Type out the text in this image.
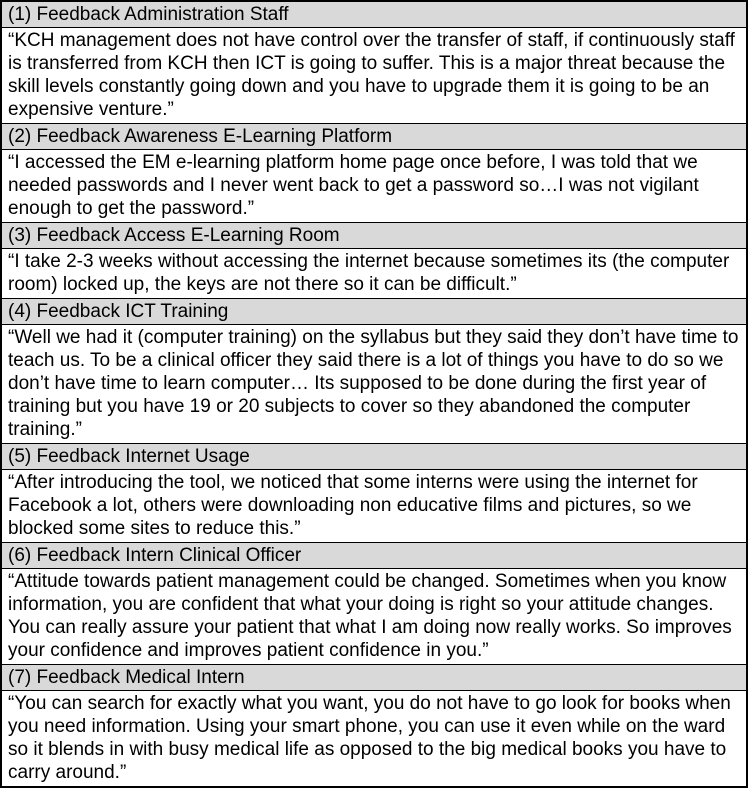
(1) Feedback Administration Staff
“KCH management does not have control over the transfer of staff, if continuously staff is transferred from KCH then ICT is going to suffer. This is a major threat because the skill levels constantly going down and you have to upgrade them it is going to be an expensive venture.”
(2) Feedback Awareness E-Learning Platform
“I accessed the EM e-learning platform home page once before, I was told that we needed passwords and I never went back to get a password so…I was not vigilant enough to get the password.”
(3) Feedback Access E-Learning Room
“I take 2-3 weeks without accessing the internet because sometimes its (the computer room) locked up, the keys are not there so it can be difficult.”
(4) Feedback ICT Training
“Well we had it (computer training) on the syllabus but they said they don’t have time to teach us. To be a clinical officer they said there is a lot of things you have to do so we don’t have time to learn computer… Its supposed to be done during the first year of training but you have 19 or 20 subjects to cover so they abandoned the computer training.”
(5) Feedback Internet Usage
“After introducing the tool, we noticed that some interns were using the internet for Facebook a lot, others were downloading non educative films and pictures, so we blocked some sites to reduce this.”
(6) Feedback Intern Clinical Officer
“Attitude towards patient management could be changed. Sometimes when you know information, you are confident that what your doing is right so your attitude changes. You can really assure your patient that what I am doing now really works. So improves your confidence and improves patient confidence in you.”
(7) Feedback Medical Intern
“You can search for exactly what you want, you do not have to go look for books when you need information. Using your smart phone, you can use it even while on the ward so it blends in with busy medical life as opposed to the big medical books you have to carry around.”
